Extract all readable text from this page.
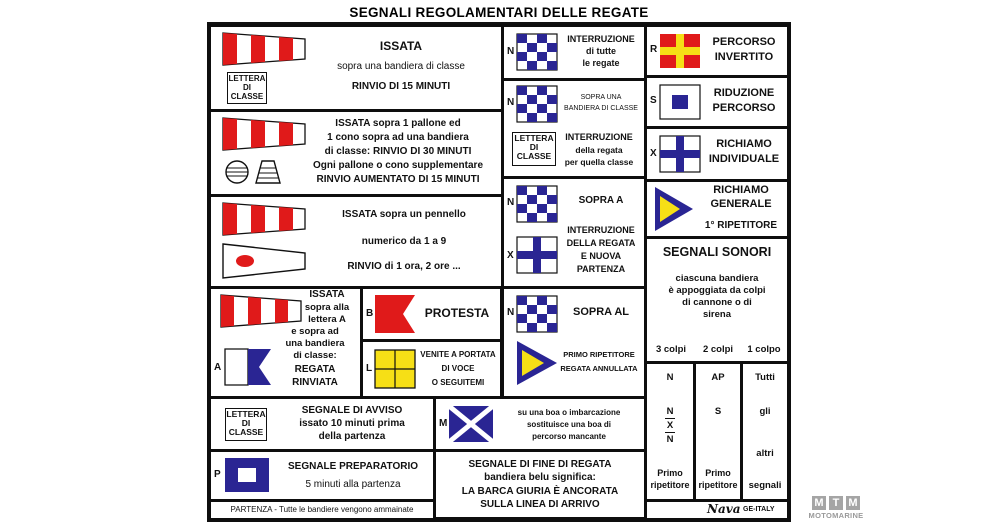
SEGNALI REGOLAMENTARI DELLE REGATE
LETTERA
DI
CLASSE
ISSATA
sopra una bandiera di classe
RINVIO DI 15 MINUTI
ISSATA sopra 1 pallone ed
1 cono sopra ad una bandiera
di classe: RINVIO DI 30 MINUTI
Ogni pallone o cono supplementare
RINVIO AUMENTATO DI 15 MINUTI
ISSATA sopra un pennello
numerico da 1 a 9
RINVIO di 1 ora, 2 ore ...
A
ISSATA
sopra alla
lettera A
e sopra ad
una bandiera
di classe:
REGATA
RINVIATA
B	PROTESTA
L
VENITE A PORTATA
DI VOCE
O SEGUITEMI
LETTERA
DI
CLASSE
SEGNALE DI AVVISO
issato 10 minuti prima
della partenza
M
su una boa o imbarcazione
sostituisce una boa di
percorso mancante
P
SEGNALE PREPARATORIO
5 minuti alla partenza
SEGNALE DI FINE DI REGATA
bandiera belu significa:
LA BARCA GIURIA È ANCORATA
SULLA LINEA DI ARRIVO
PARTENZA - Tutte le bandiere vengono ammainate
N
INTERRUZIONE
di tutte
le regate
N	SOPRA UNA
BANDIERA DI CLASSE
LETTERA
DI
CLASSE
INTERRUZIONE
della regata
per quella classe
N
X
SOPRA A
INTERRUZIONE
DELLA REGATA
E NUOVA
PARTENZA
N	SOPRA AL
PRIMO RIPETITORE
REGATA ANNULLATA
R
PERCORSO
INVERTITO
S
RIDUZIONE
PERCORSO
X
RICHIAMO
INDIVIDUALE
RICHIAMO
GENERALE
1° RIPETITORE
SEGNALI SONORI
ciascuna bandiera
è appoggiata da colpi
di cannone o di
sirena
3 colpi	2 colpi	1 colpo
N
N
X
N
Primo
ripetitore
AP
S
Primo
ripetitore
Tutti
gli
altri
segnali
Nava GE-ITALY
M T M
MOTOMARINE
